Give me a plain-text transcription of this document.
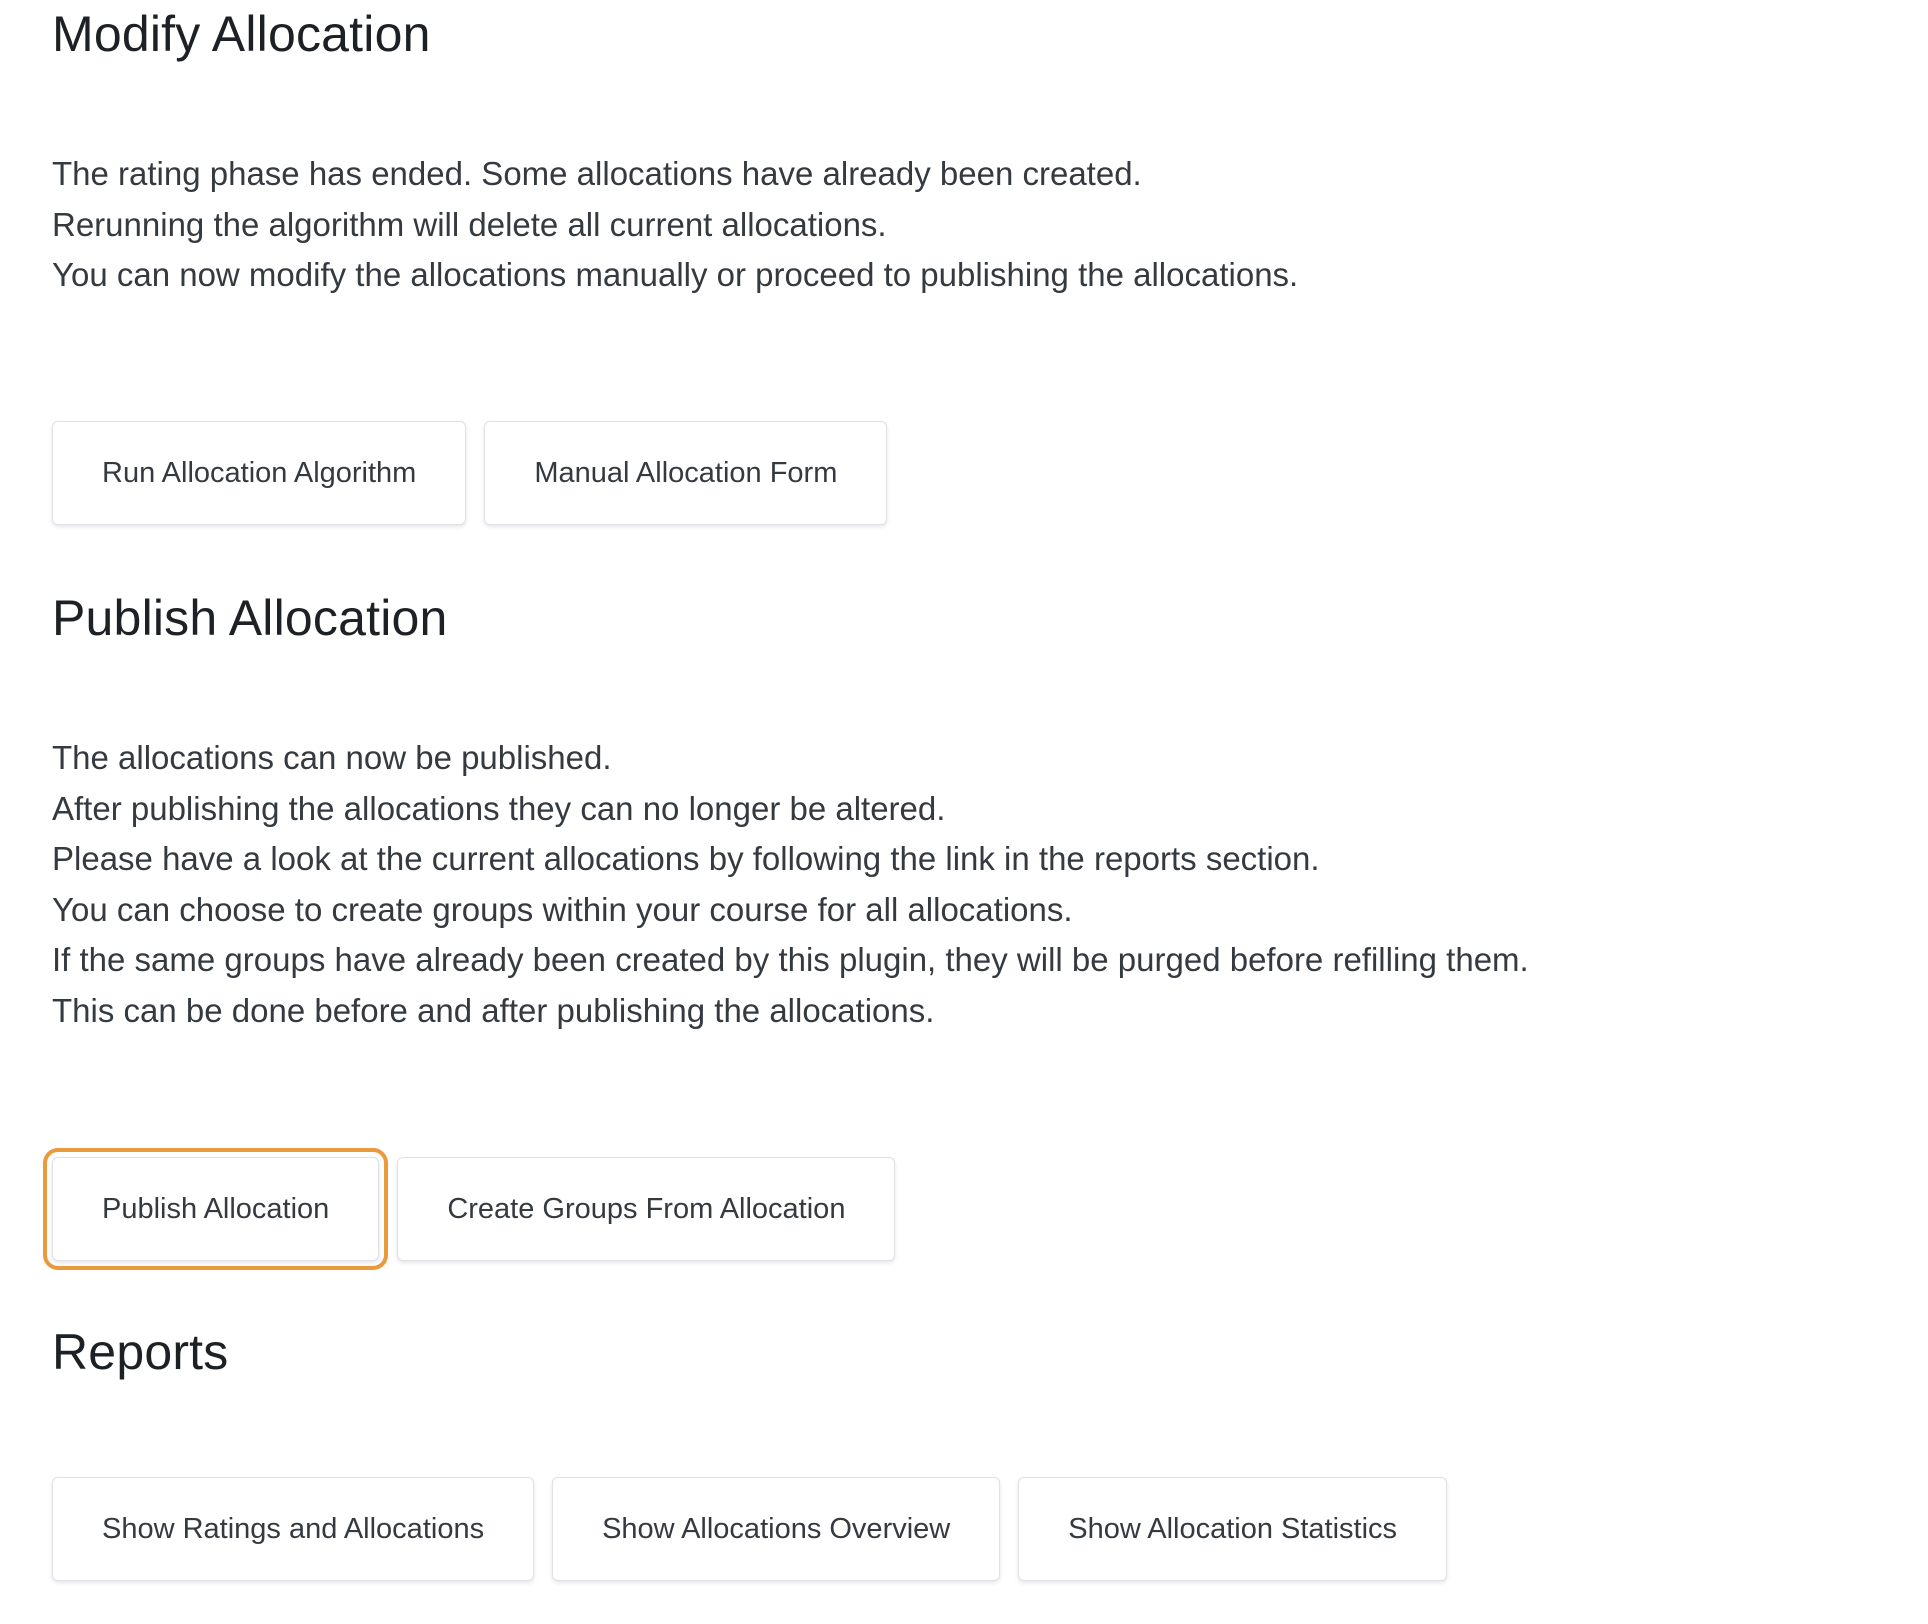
Modify Allocation

The rating phase has ended. Some allocations have already been created.

Rerunning the algorithm will delete all current allocations.

You can now modify the allocations manually or proceed to publishing the allocations.

Run Allocation Algorithm	Manual Allocation Form
Publish Allocation

The allocations can now be published.

After publishing the allocations they can no longer be altered.

Please have a look at the current allocations by following the link in the reports section.

You can choose to create groups within your course for all allocations.

If the same groups have already been created by this plugin, they will be purged before refilling them.

This can be done before and after publishing the allocations.

Publish Allocation	Create Groups From Allocation
Reports
Show Ratings and Allocations	Show Allocations Overview	Show Allocation Statistics
